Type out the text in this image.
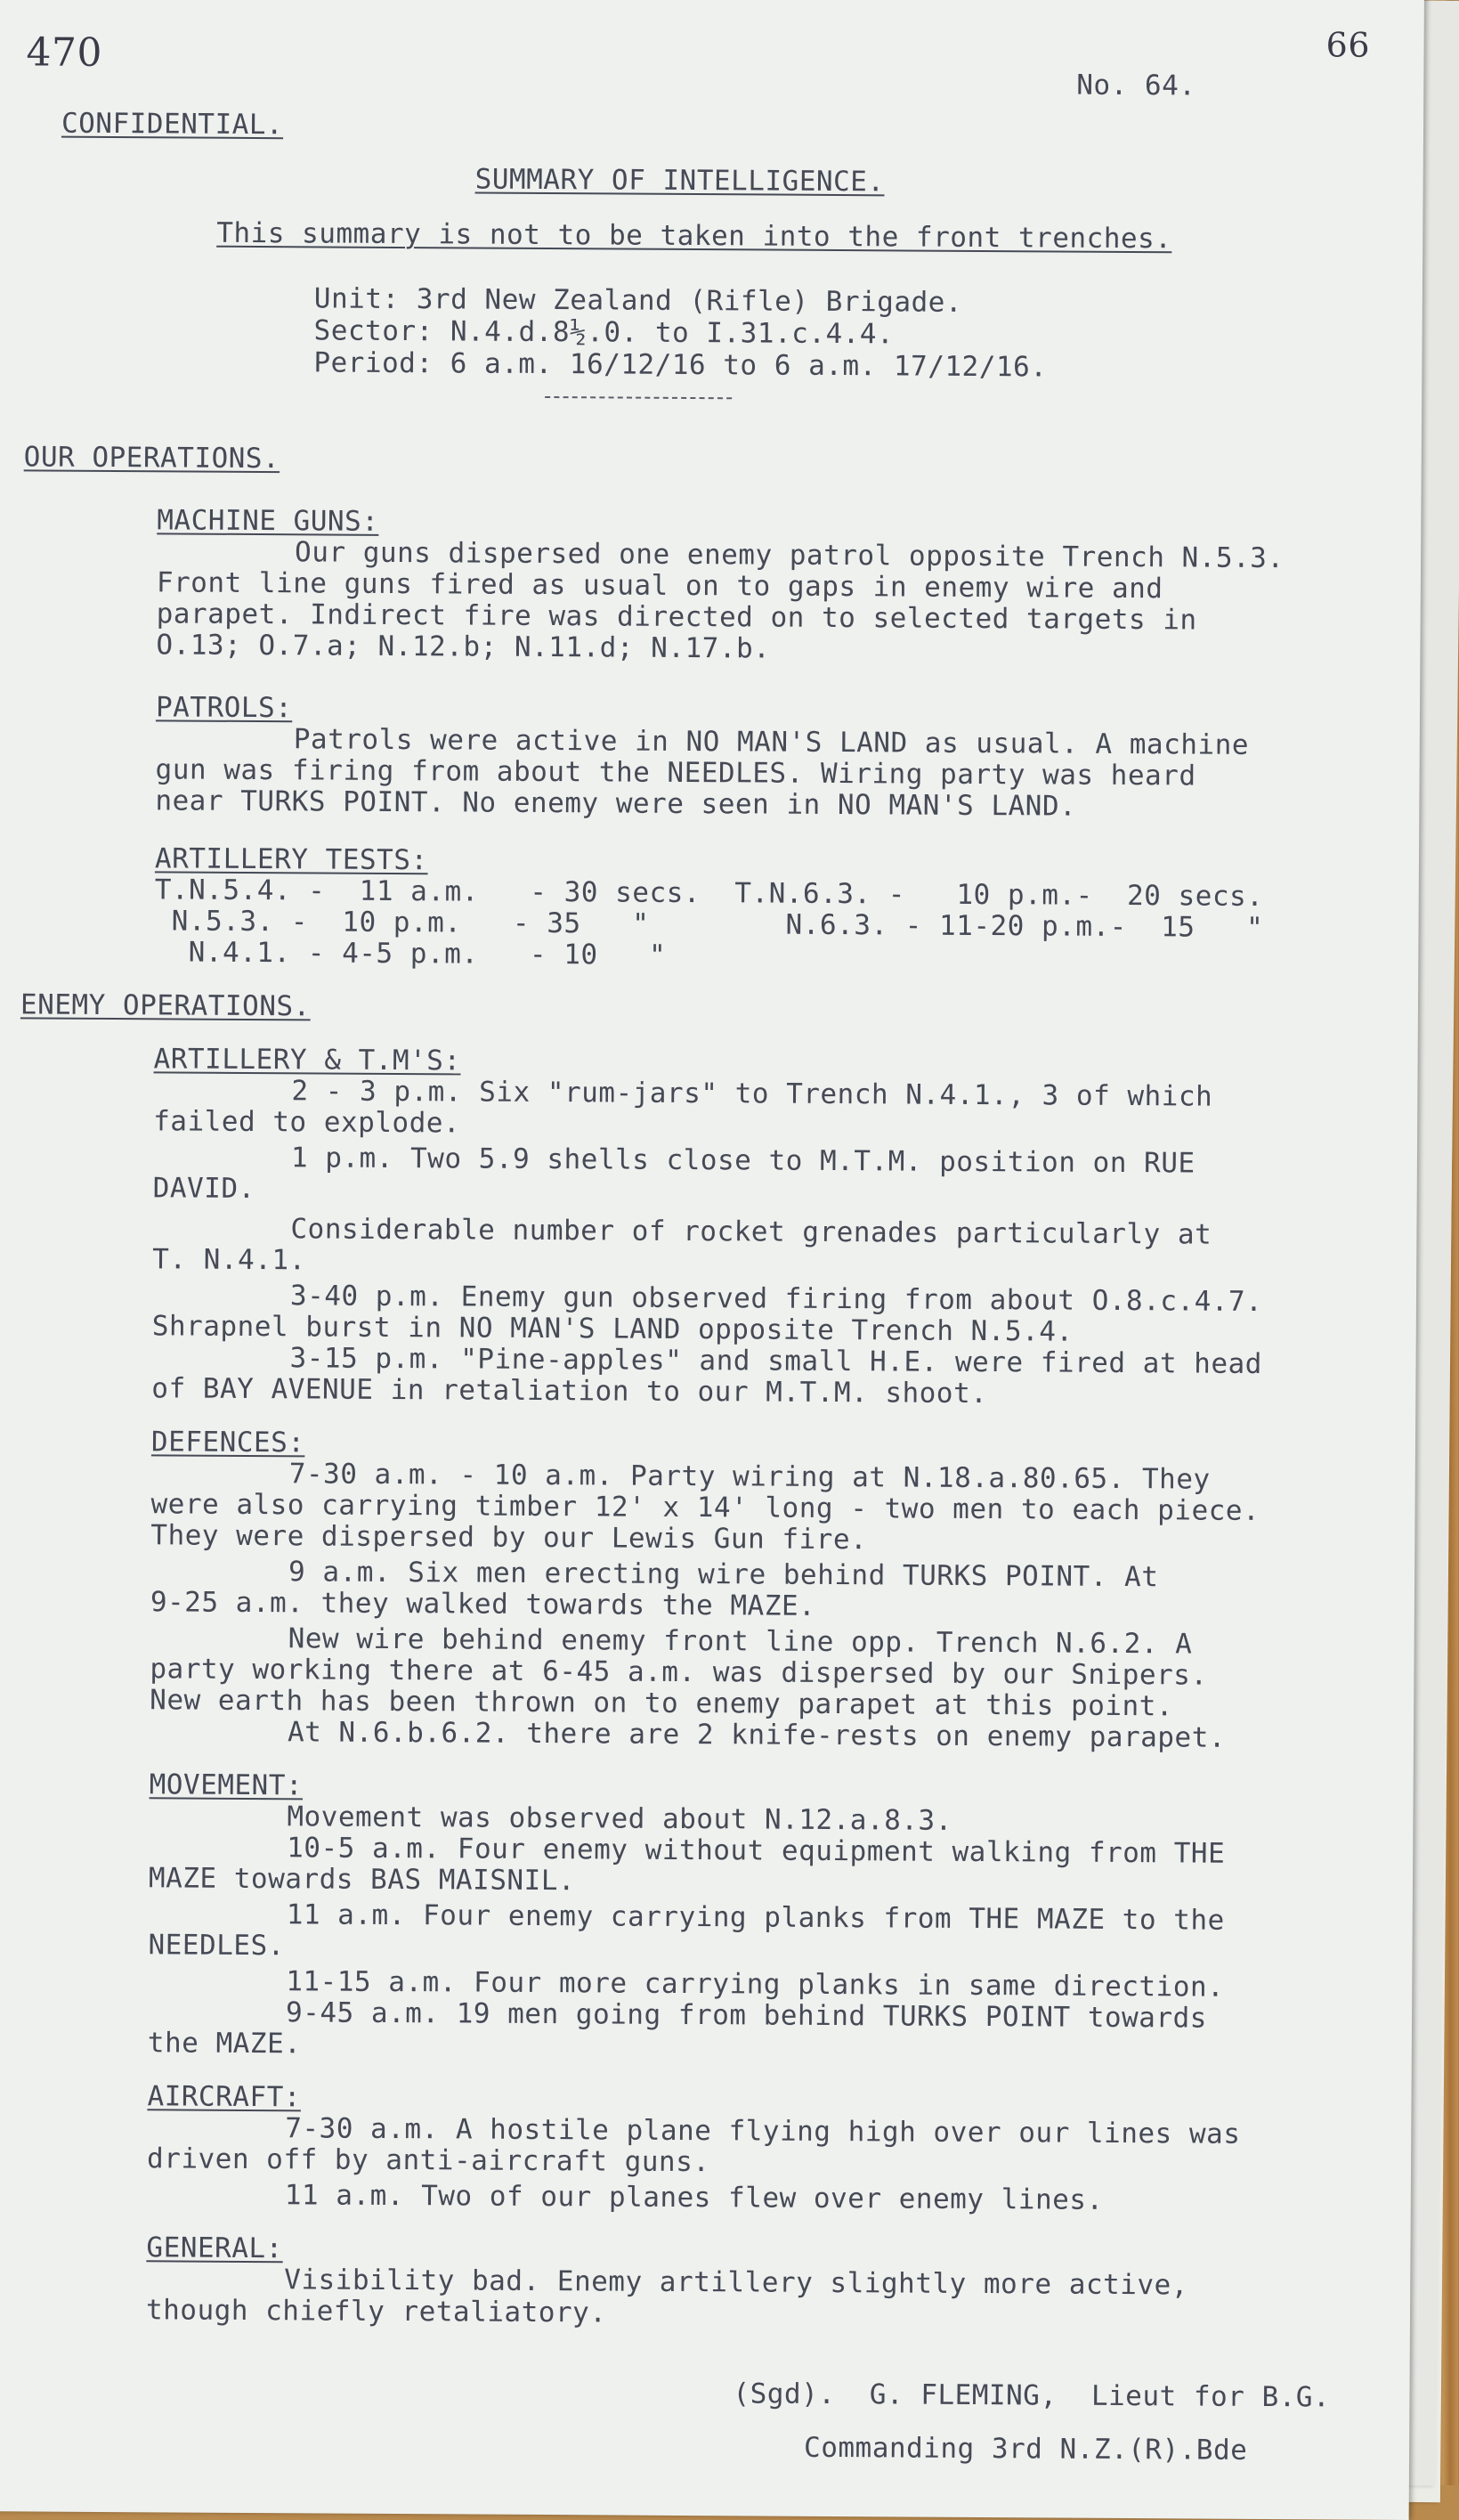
470	66
No. 64.
CONFIDENTIAL.
SUMMARY OF INTELLIGENCE.
This summary is not to be taken into the front trenches.
Unit: 3rd New Zealand (Rifle) Brigade.
Sector: N.4.d.8½.0. to I.31.c.4.4.
Period: 6 a.m. 16/12/16 to 6 a.m. 17/12/16.
OUR OPERATIONS.
MACHINE GUNS:
Our guns dispersed one enemy patrol opposite Trench N.5.3.
Front line guns fired as usual on to gaps in enemy wire and
parapet. Indirect fire was directed on to selected targets in
O.13; O.7.a; N.12.b; N.11.d; N.17.b.
PATROLS:
Patrols were active in NO MAN'S LAND as usual. A machine
gun was firing from about the NEEDLES. Wiring party was heard
near TURKS POINT. No enemy were seen in NO MAN'S LAND.
ARTILLERY TESTS:
T.N.5.4. -  11 a.m.   - 30 secs.  T.N.6.3. -   10 p.m.-  20 secs.
N.5.3. -  10 p.m.   - 35   "        N.6.3. - 11-20 p.m.-  15   "
N.4.1. - 4-5 p.m.   - 10   "
ENEMY OPERATIONS.
ARTILLERY & T.M'S:
2 - 3 p.m. Six "rum-jars" to Trench N.4.1., 3 of which
failed to explode.
1 p.m. Two 5.9 shells close to M.T.M. position on RUE
DAVID.
Considerable number of rocket grenades particularly at
T. N.4.1.
3-40 p.m. Enemy gun observed firing from about O.8.c.4.7.
Shrapnel burst in NO MAN'S LAND opposite Trench N.5.4.
3-15 p.m. "Pine-apples" and small H.E. were fired at head
of BAY AVENUE in retaliation to our M.T.M. shoot.
DEFENCES:
7-30 a.m. - 10 a.m. Party wiring at N.18.a.80.65. They
were also carrying timber 12' x 14' long - two men to each piece.
They were dispersed by our Lewis Gun fire.
9 a.m. Six men erecting wire behind TURKS POINT. At
9-25 a.m. they walked towards the MAZE.
New wire behind enemy front line opp. Trench N.6.2. A
party working there at 6-45 a.m. was dispersed by our Snipers.
New earth has been thrown on to enemy parapet at this point.
At N.6.b.6.2. there are 2 knife-rests on enemy parapet.
MOVEMENT:
Movement was observed about N.12.a.8.3.
10-5 a.m. Four enemy without equipment walking from THE
MAZE towards BAS MAISNIL.
11 a.m. Four enemy carrying planks from THE MAZE to the
NEEDLES.
11-15 a.m. Four more carrying planks in same direction.
9-45 a.m. 19 men going from behind TURKS POINT towards
the MAZE.
AIRCRAFT:
7-30 a.m. A hostile plane flying high over our lines was
driven off by anti-aircraft guns.
11 a.m. Two of our planes flew over enemy lines.
GENERAL:
Visibility bad. Enemy artillery slightly more active,
though chiefly retaliatory.
(Sgd).  G. FLEMING,  Lieut for B.G.
Commanding 3rd N.Z.(R).Bde
